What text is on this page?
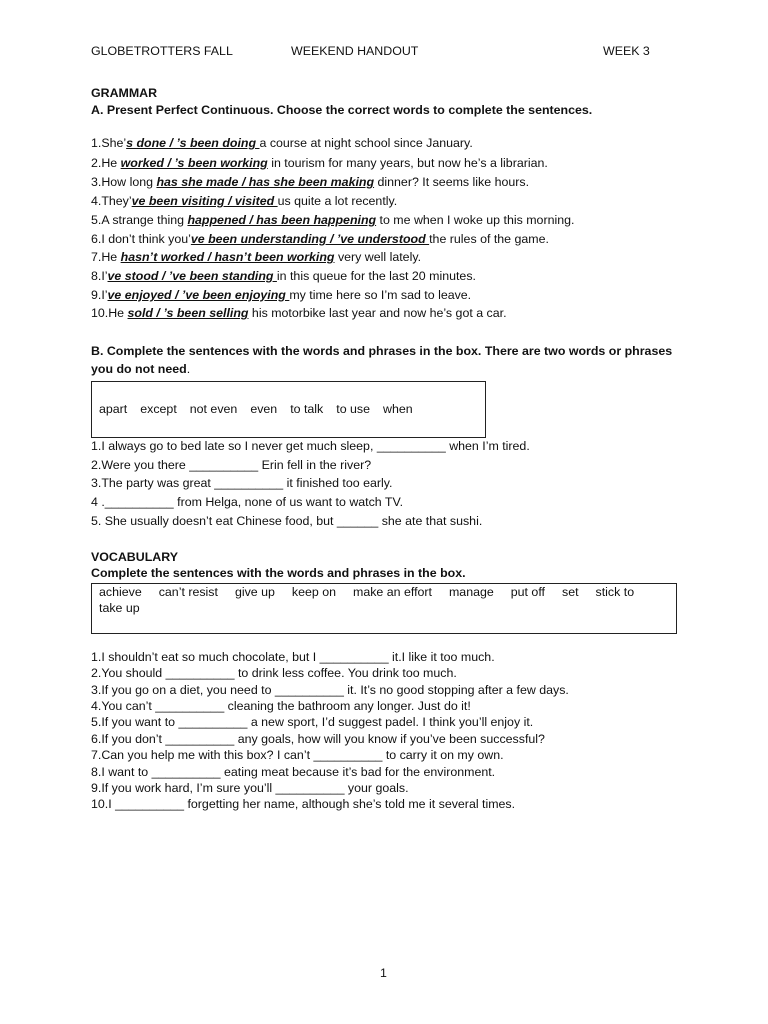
GLOBETROTTERS FALL	WEEKEND HANDOUT	WEEK 3
GRAMMAR
A. Present Perfect Continuous. Choose the correct words to complete the sentences.
1.She’s done / ’s been doing a course at night school since January.
2.He worked / ’s been working in tourism for many years, but now he’s a librarian.
3.How long has she made / has she been making dinner? It seems like hours.
4.They’ve been visiting / visited us quite a lot recently.
5.A strange thing happened / has been happening to me when I woke up this morning.
6.I don’t think you’ve been understanding / ’ve understood the rules of the game.
7.He hasn’t worked / hasn’t been working very well lately.
8.I’ve stood / ’ve been standing in this queue for the last 20 minutes.
9.I’ve enjoyed / ’ve been enjoying my time here so I’m sad to leave.
10.He sold / ’s been selling his motorbike last year and now he’s got a car.
B. Complete the sentences with the words and phrases in the box. There are two words or phrases
you do not need.
apart except not even even to talk to use when
1.I always go to bed late so I never get much sleep, __________ when I’m tired.
2.Were you there __________ Erin fell in the river?
3.The party was great __________ it finished too early.
4 .__________ from Helga, none of us want to watch TV.
5. She usually doesn’t eat Chinese food, but ______ she ate that sushi.
VOCABULARY
Complete the sentences with the words and phrases in the box.
achieve can’t resist give up keep on make an effort manage put off set stick to
take up
1.I shouldn’t eat so much chocolate, but I __________ it.I like it too much.
2.You should __________ to drink less coffee. You drink too much.
3.If you go on a diet, you need to __________ it. It’s no good stopping after a few days.
4.You can’t __________ cleaning the bathroom any longer. Just do it!
5.If you want to __________ a new sport, I’d suggest padel. I think you’ll enjoy it.
6.If you don’t __________ any goals, how will you know if you’ve been successful?
7.Can you help me with this box? I can’t __________ to carry it on my own.
8.I want to __________ eating meat because it’s bad for the environment.
9.If you work hard, I’m sure you’ll __________ your goals.
10.I __________ forgetting her name, although she’s told me it several times.
1
